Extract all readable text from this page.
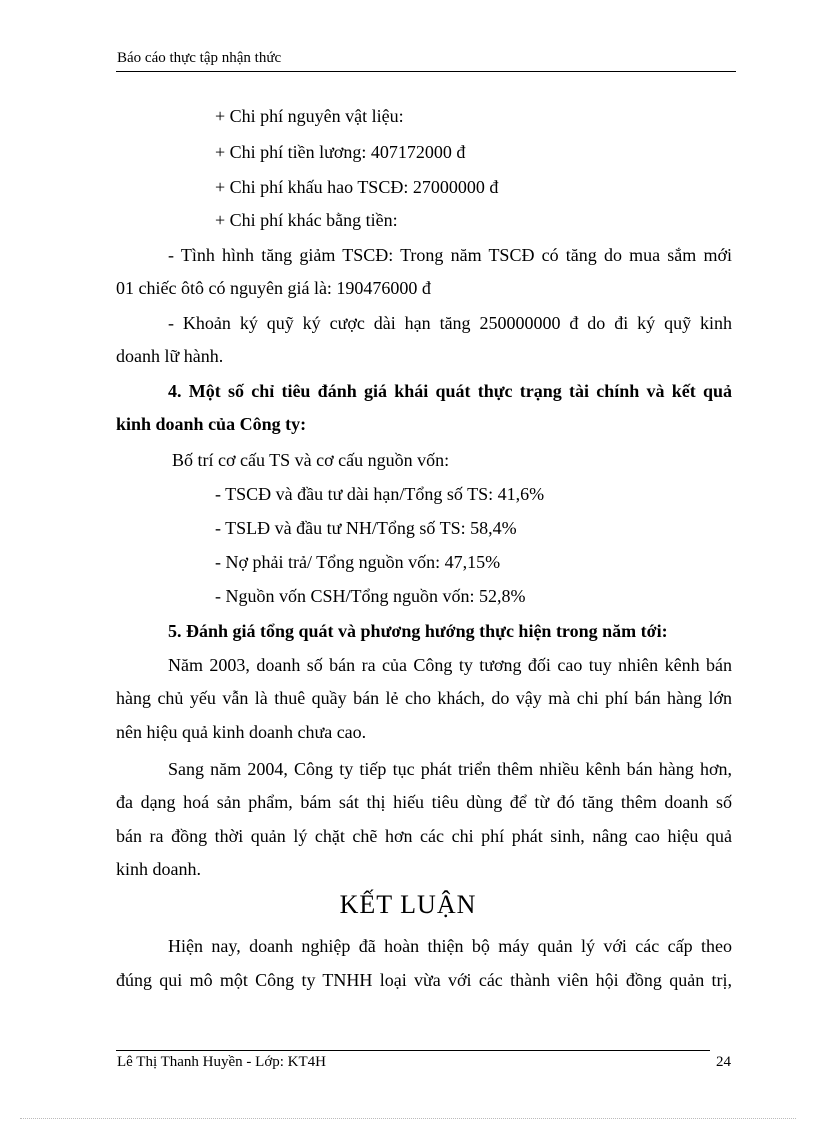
Báo cáo thực tập nhận thức
+ Chi phí nguyên vật liệu:
+ Chi phí tiền lương: 407172000 đ
+ Chi phí khấu hao TSCĐ: 27000000 đ
+ Chi phí khác bằng tiền:
- Tình hình tăng giảm TSCĐ: Trong năm TSCĐ có tăng do mua sắm mới
01 chiếc ôtô có nguyên giá là: 190476000 đ
- Khoản ký quỹ ký cược dài hạn tăng 250000000 đ do đi ký quỹ kinh
doanh lữ hành.
4. Một số chỉ tiêu đánh giá khái quát thực trạng tài chính và kết quả
kinh doanh của Công ty:
Bố trí cơ cấu TS và cơ cấu nguồn vốn:
- TSCĐ và đầu tư dài hạn/Tổng số TS: 41,6%
- TSLĐ và đầu tư NH/Tổng số TS: 58,4%
- Nợ phải trả/ Tổng nguồn vốn: 47,15%
- Nguồn vốn CSH/Tổng nguồn vốn: 52,8%
5. Đánh giá tổng quát và phương hướng thực hiện trong năm tới:
Năm 2003, doanh số bán ra của Công ty tương đối cao tuy nhiên kênh bán
hàng chủ yếu vẫn là thuê quầy bán lẻ cho khách, do vậy mà chi phí bán hàng lớn
nên hiệu quả kinh doanh chưa cao.
Sang năm 2004, Công ty tiếp tục phát triển thêm nhiều kênh bán hàng hơn,
đa dạng hoá sản phẩm, bám sát thị hiếu tiêu dùng để từ đó tăng thêm doanh số
bán ra đồng thời quản lý chặt chẽ hơn các chi phí phát sinh, nâng cao hiệu quả
kinh doanh.
KẾT LUẬN
Hiện nay, doanh nghiệp đã hoàn thiện bộ máy quản lý với các cấp theo
đúng qui mô một Công ty TNHH loại vừa với các thành viên hội đồng quản trị,
Lê Thị Thanh Huyền - Lớp: KT4H	24
